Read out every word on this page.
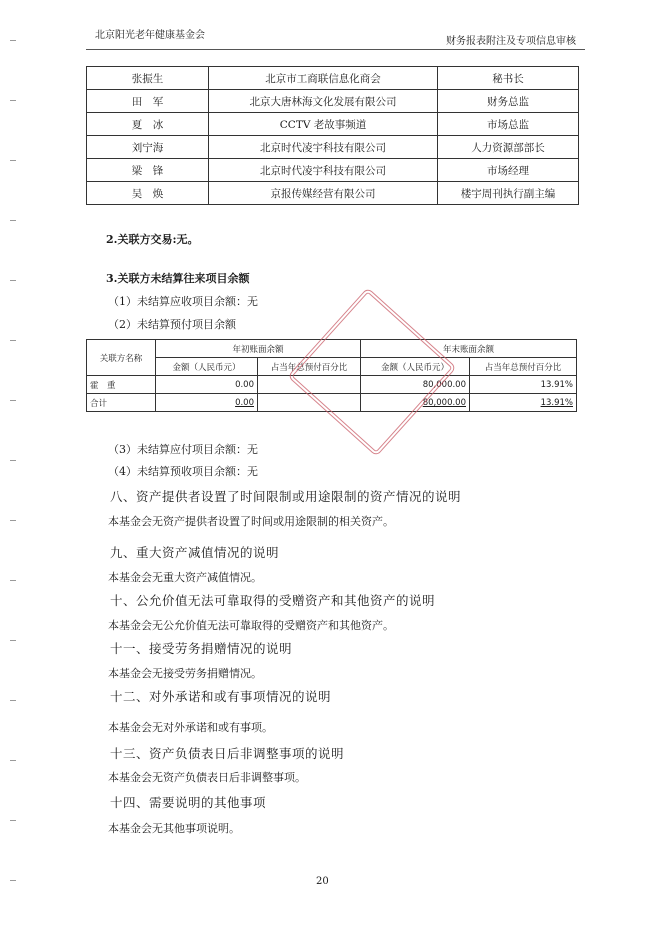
北京阳光老年健康基金会
财务报表附注及专项信息审核
张振生	北京市工商联信息化商会	秘书长
田　军	北京大唐林海文化发展有限公司	财务总监
夏　冰	CCTV 老故事频道	市场总监
刘宁海	北京时代凌宇科技有限公司	人力资源部部长
梁　锋	北京时代凌宇科技有限公司	市场经理
吴　焕	京报传媒经营有限公司	楼宇周刊执行副主编
2.关联方交易:无。
3.关联方未结算往来项目余额
（1）未结算应收项目余额：无
（2）未结算预付项目余额
关联方名称	年初账面余额		年末账面余额	
	金额（人民币元）	占当年总预付百分比	金额（人民币元）	占当年总预付百分比
霍　重	0.00		80,000.00	13.91%
合计	0.00		80,000.00	13.91%
（3）未结算应付项目余额：无
（4）未结算预收项目余额：无
八、资产提供者设置了时间限制或用途限制的资产情况的说明
本基金会无资产提供者设置了时间或用途限制的相关资产。
九、重大资产减值情况的说明
本基金会无重大资产减值情况。
十、公允价值无法可靠取得的受赠资产和其他资产的说明
本基金会无公允价值无法可靠取得的受赠资产和其他资产。
十一、接受劳务捐赠情况的说明
本基金会无接受劳务捐赠情况。
十二、对外承诺和或有事项情况的说明
本基金会无对外承诺和或有事项。
十三、资产负债表日后非调整事项的说明
本基金会无资产负债表日后非调整事项。
十四、需要说明的其他事项
本基金会无其他事项说明。
20
